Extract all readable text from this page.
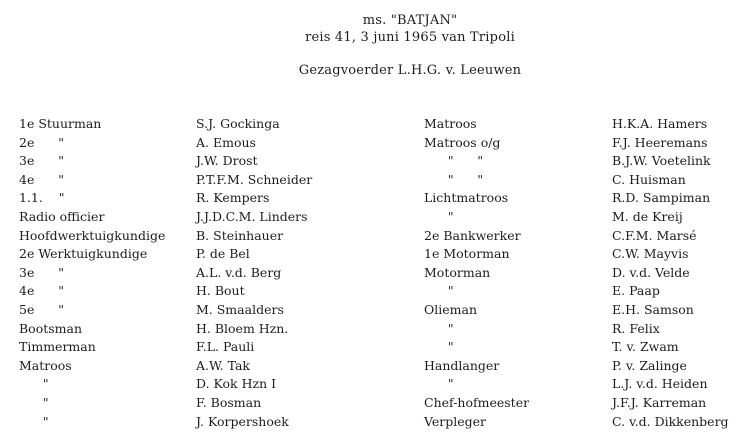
ms. "BATJAN"
reis 41, 3 juni 1965 van Tripoli
Gezagvoerder L.H.G. v. Leeuwen
1e Stuurman	S.J. Gockinga	Matroos	H.K.A. Hamers
2e      "	A. Emous	Matroos o/g	F.J. Heeremans
3e      "	J.W. Drost	"      "	B.J.W. Voetelink
4e      "	P.T.F.M. Schneider	"      "	C. Huisman
1.1.    "	R. Kempers	Lichtmatroos	R.D. Sampiman
Radio officier	J.J.D.C.M. Linders	"	M. de Kreij
Hoofdwerktuigkundige B. Steinhauer	2e Bankwerker	C.F.M. Marsé
2e Werktuigkundige	P. de Bel	1e Motorman	C.W. Mayvis
3e      "	A.L. v.d. Berg	Motorman	D. v.d. Velde
4e      "	H. Bout	"	E. Paap
5e      "	M. Smaalders	Olieman	E.H. Samson
Bootsman	H. Bloem Hzn.	"	R. Felix
Timmerman	F.L. Pauli	"	T. v. Zwam
Matroos	A.W. Tak	Handlanger	P. v. Zalinge
"	D. Kok Hzn I	"	L.J. v.d. Heiden
"	F. Bosman	Chef-hofmeester	J.F.J. Karreman
"	J. Korpershoek	Verpleger	C. v.d. Dikkenberg
